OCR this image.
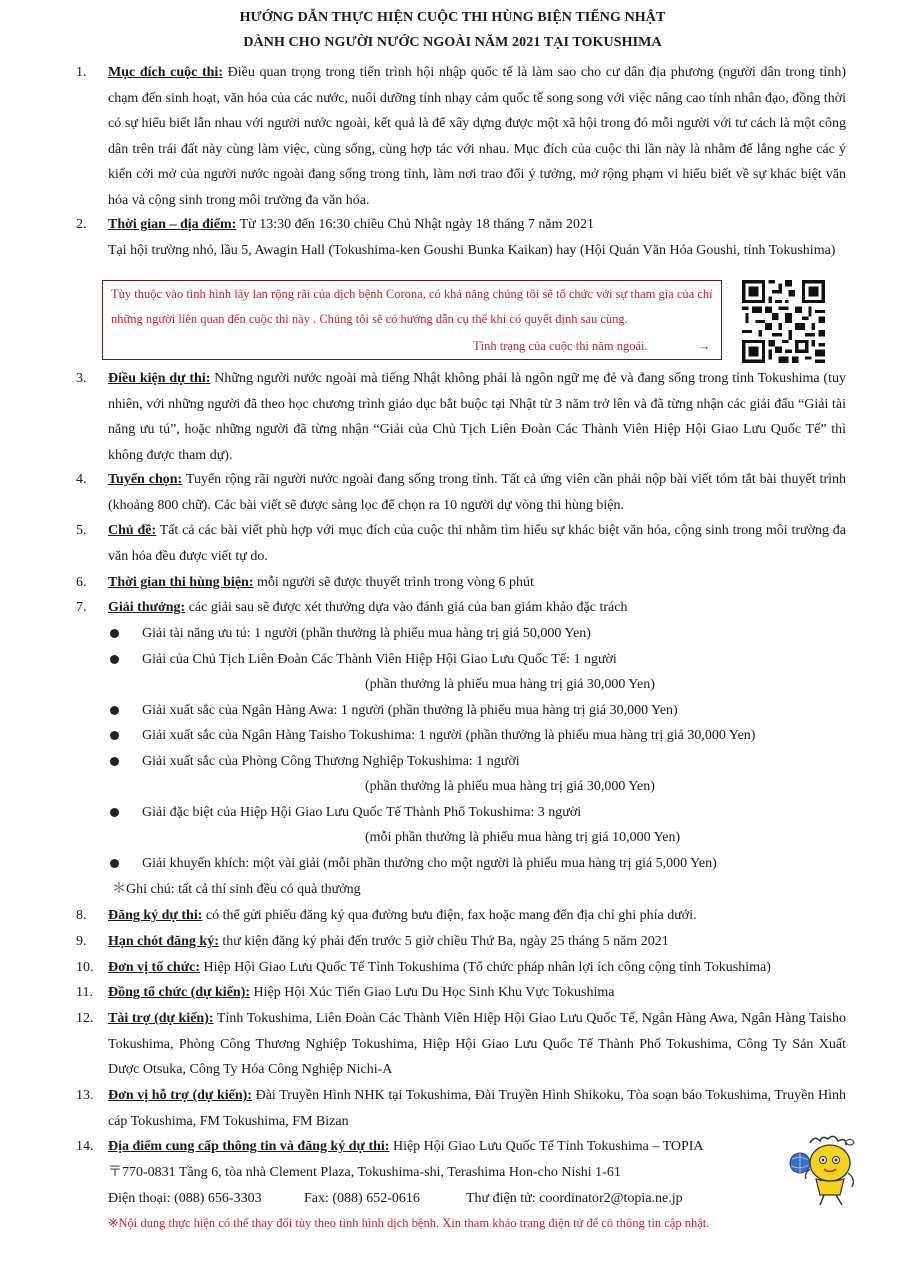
HƯỚNG DẪN THỰC HIỆN CUỘC THI HÙNG BIỆN TIẾNG NHẬT
DÀNH CHO NGƯỜI NƯỚC NGOÀI NĂM 2021 TẠI TOKUSHIMA
1.	Mục đích cuộc thi: Điều quan trọng trong tiến trình hội nhập quốc tế là làm sao cho cư dân địa phương (người dân trong tỉnh) chạm đến sinh hoạt, văn hóa của các nước, nuôi dưỡng tính nhạy cảm quốc tế song song với việc nâng cao tính nhân đạo, đồng thời có sự hiểu biết lẫn nhau với người nước ngoài, kết quả là để xây dựng được một xã hội trong đó mỗi người với tư cách là một công dân trên trái đất này cùng làm việc, cùng sống, cùng hợp tác với nhau. Mục đích của cuộc thi lần này là nhằm để lắng nghe các ý kiến cởi mở của người nước ngoài đang sống trong tỉnh, làm nơi trao đổi ý tưởng, mở rộng phạm vi hiểu biết về sự khác biệt văn hóa và cộng sinh trong môi trường đa văn hóa.
2.	Thời gian – địa điểm: Từ 13:30 đến 16:30 chiều Chủ Nhật ngày 18 tháng 7 năm 2021
Tại hội trường nhỏ, lầu 5, Awagin Hall (Tokushima-ken Goushi Bunka Kaikan) hay (Hội Quán Văn Hóa Goushi, tỉnh Tokushima)
Tùy thuộc vào tình hình lây lan rộng rãi của dịch bệnh Corona, có khả năng chúng tôi sẽ tổ chức với sự tham gia của chỉ những người liên quan đến cuộc thi này . Chúng tôi sẽ có hướng dẫn cụ thể khi có quyết định sau cùng.
Tình trạng của cuộc thi năm ngoái.	→
3.	Điều kiện dự thi: Những người nước ngoài mà tiếng Nhật không phải là ngôn ngữ mẹ đẻ và đang sống trong tỉnh Tokushima (tuy nhiên, với những người đã theo học chương trình giáo dục bắt buộc tại Nhật từ 3 năm trở lên và đã từng nhận các giải đấu “Giải tài năng ưu tú”, hoặc những người đã từng nhận “Giải của Chủ Tịch Liên Đoàn Các Thành Viên Hiệp Hội Giao Lưu Quốc Tế” thì không được tham dự).
4.	Tuyển chọn: Tuyển rộng rãi người nước ngoài đang sống trong tỉnh. Tất cả ứng viên cần phải nộp bài viết tóm tắt bài thuyết trình (khoảng 800 chữ). Các bài viết sẽ được sàng lọc để chọn ra 10 người dự vòng thi hùng biện.
5.	Chủ đề: Tất cả các bài viết phù hợp với mục đích của cuộc thi nhằm tìm hiểu sự khác biệt văn hóa, cộng sinh trong môi trường đa văn hóa đều được viết tự do.
6.	Thời gian thi hùng biện: mỗi người sẽ được thuyết trình trong vòng 6 phút
7.	Giải thưởng: các giải sau sẽ được xét thưởng dựa vào đánh giá của ban giám khảo đặc trách
Giải tài năng ưu tú: 1 người (phần thưởng là phiếu mua hàng trị giá 50,000 Yen)
Giải của Chủ Tịch Liên Đoàn Các Thành Viên Hiệp Hội Giao Lưu Quốc Tế: 1 người
(phần thưởng là phiếu mua hàng trị giá 30,000 Yen)
Giải xuất sắc của Ngân Hàng Awa: 1 người (phần thưởng là phiếu mua hàng trị giá 30,000 Yen)
Giải xuất sắc của Ngân Hàng Taisho Tokushima: 1 người (phần thưởng là phiếu mua hàng trị giá 30,000 Yen)
Giải xuất sắc của Phòng Công Thương Nghiệp Tokushima: 1 người
(phần thưởng là phiếu mua hàng trị giá 30,000 Yen)
Giải đặc biệt của Hiệp Hội Giao Lưu Quốc Tế Thành Phố Tokushima: 3 người
(mỗi phần thưởng là phiếu mua hàng trị giá 10,000 Yen)
Giải khuyến khích: một vài giải (mỗi phần thưởng cho một người là phiếu mua hàng trị giá 5,000 Yen)
＊Ghi chú: tất cả thí sinh đều có quà thưởng
8.	Đăng ký dự thi: có thể gửi phiếu đăng ký qua đường bưu điện, fax hoặc mang đến địa chỉ ghi phía dưới.
9.	Hạn chót đăng ký: thư kiện đăng ký phải đến trước 5 giờ chiều Thứ Ba, ngày 25 tháng 5 năm 2021
10.	Đơn vị tổ chức: Hiệp Hội Giao Lưu Quốc Tế Tỉnh Tokushima (Tổ chức pháp nhân lợi ích công cộng tỉnh Tokushima)
11.	Đồng tổ chức (dự kiến): Hiệp Hội Xúc Tiến Giao Lưu Du Học Sinh Khu Vực Tokushima
12.	Tài trợ (dự kiến): Tỉnh Tokushima, Liên Đoàn Các Thành Viên Hiệp Hội Giao Lưu Quốc Tế, Ngân Hàng Awa, Ngân Hàng Taisho Tokushima, Phòng Công Thương Nghiệp Tokushima, Hiệp Hội Giao Lưu Quốc Tế Thành Phố Tokushima, Công Ty Sản Xuất Dược Otsuka, Công Ty Hóa Công Nghiệp Nichi-A
13.	Đơn vị hỗ trợ (dự kiến): Đài Truyền Hình NHK tại Tokushima, Đài Truyền Hình Shikoku, Tòa soạn báo Tokushima, Truyền Hình cáp Tokushima, FM Tokushima, FM Bizan
14.	Địa điểm cung cấp thông tin và đăng ký dự thi: Hiệp Hội Giao Lưu Quốc Tế Tỉnh Tokushima – TOPIA
〒770-0831 Tầng 6, tòa nhà Clement Plaza, Tokushima-shi, Terashima Hon-cho Nishi 1-61
Điện thoại: (088) 656-3303	Fax: (088) 652-0616	Thư điện tử: coordinator2@topia.ne.jp
※Nội dung thực hiện có thể thay đổi tùy theo tình hình dịch bệnh. Xin tham khảo trang điện tử để có thông tin cập nhật.
